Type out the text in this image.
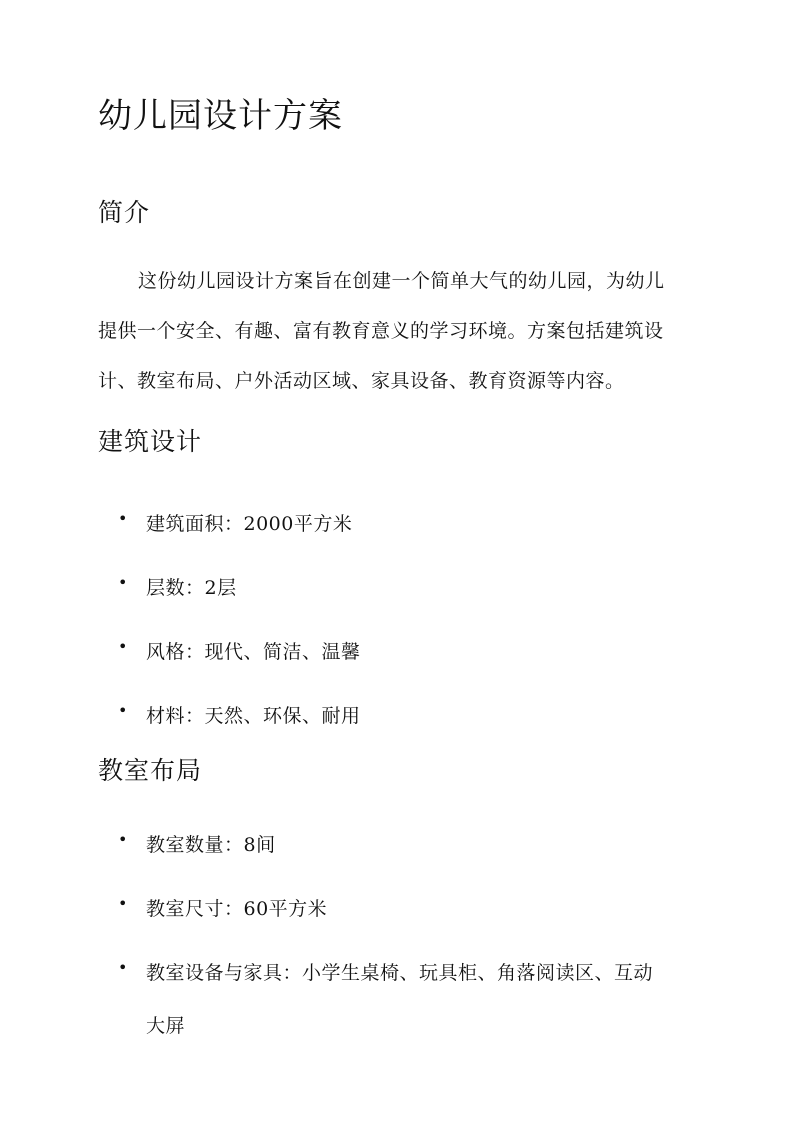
幼儿园设计方案
简介
这份幼儿园设计方案旨在创建一个简单大气的幼儿园，为幼儿
提供一个安全、有趣、富有教育意义的学习环境。方案包括建筑设
计、教室布局、户外活动区域、家具设备、教育资源等内容。
建筑设计
• 建筑面积：2000平方米
• 层数：2层
• 风格：现代、简洁、温馨
• 材料：天然、环保、耐用
教室布局
• 教室数量：8间
• 教室尺寸：60平方米
• 教室设备与家具：小学生桌椅、玩具柜、角落阅读区、互动
大屏
